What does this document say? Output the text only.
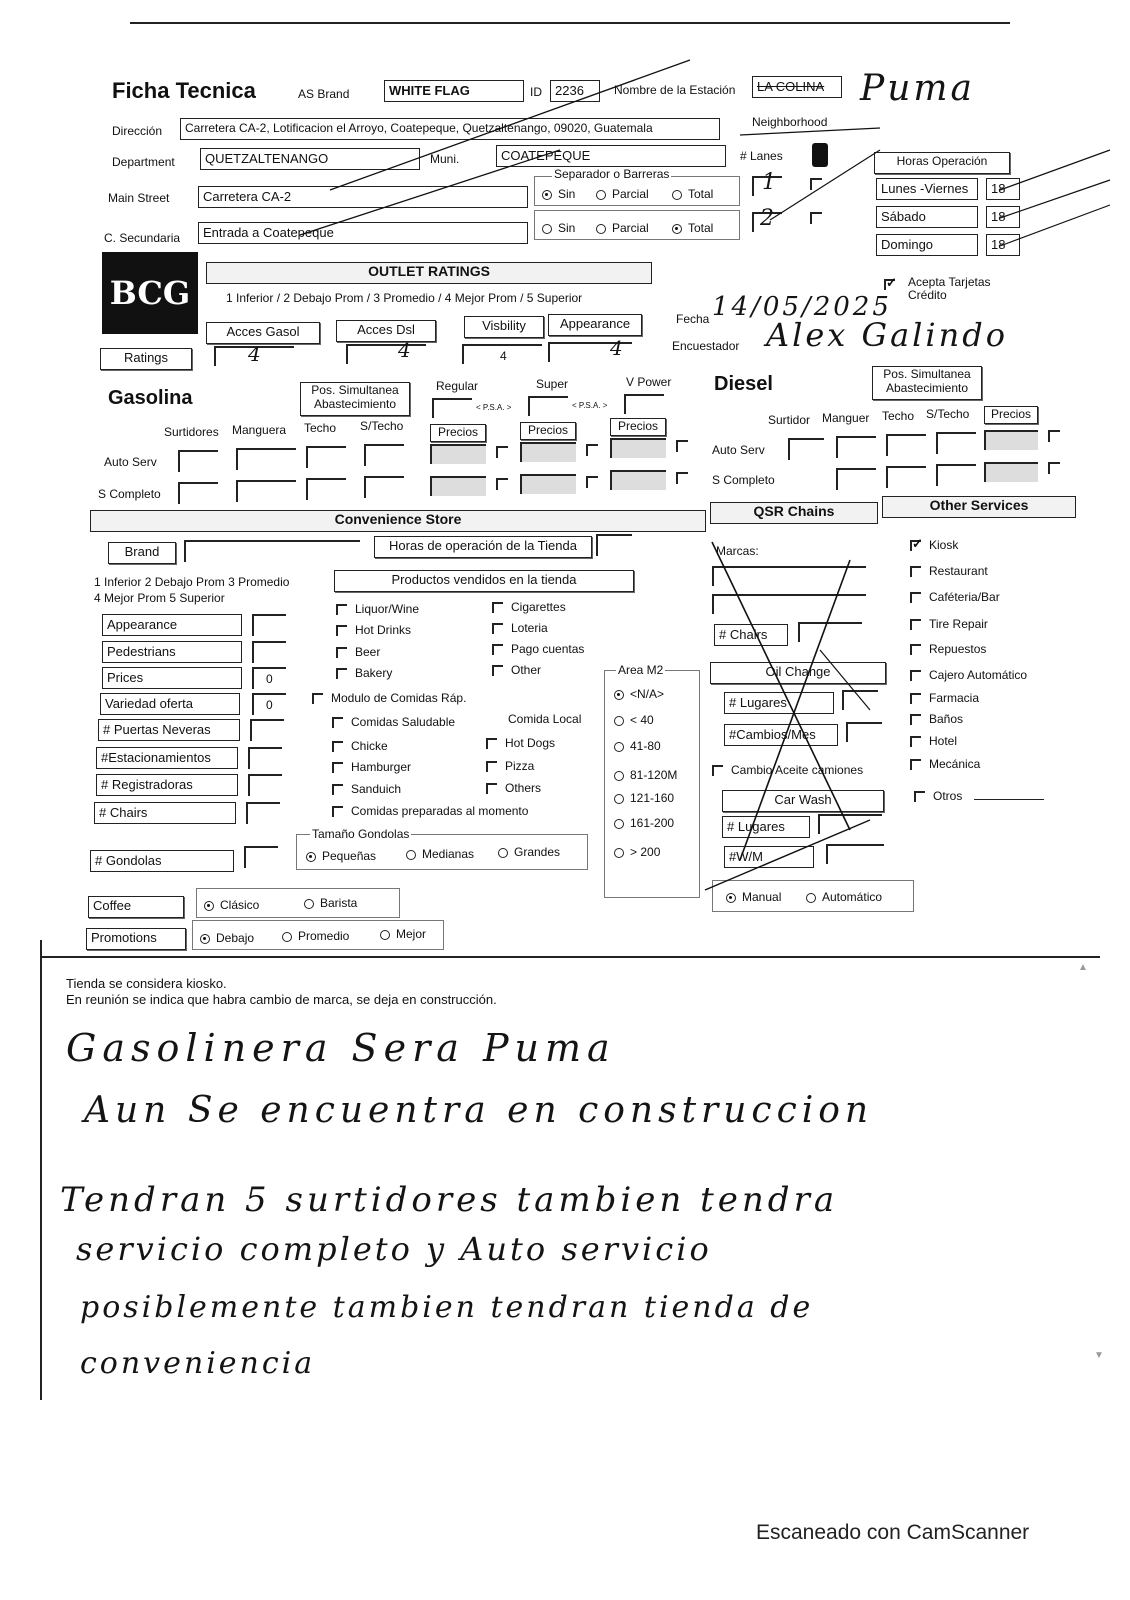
Ficha Tecnica	AS Brand	WHITE FLAG	ID	2236	Nombre de la Estación	LA COLINA Puma
Dirección	Carretera CA-2, Lotificacion el Arroyo, Coatepeque, Quetzaltenango, 09020, Guatemala	Neighborhood
Department	QUETZALTENANGO	Muni.	COATEPEQUE	# Lanes
Main Street	Carretera CA-2
C. Secundaria	Entrada a Coatepeque
Separador o Barreras
Sin	Parcial	Total
Sin	Parcial	Total
1
2
Horas Operación
Lunes -Viernes	18
Sábado	18
Domingo	18
BCG
OUTLET RATINGS
1 Inferior / 2 Debajo Prom / 3 Promedio / 4 Mejor Prom / 5 Superior
Acces Gasol	Acces Dsl	Visbility	Appearance
Ratings	4	4	4	4
Fecha 14/05/2025
Encuestador Alex Galindo
✓
Acepta Tarjetas Crédito
Gasolina	Pos. Simultanea Abastecimiento
Regular	Super	V Power
< P.S.A. >	< P.S.A. >
Surtidores Manguera Techo S/Techo	Precios	Precios	Precios
Auto Serv
S Completo
Diesel	Pos. Simultanea Abastecimiento
Surtidor Manguer Techo S/Techo	Precios
Auto Serv
S Completo
Convenience Store	QSR Chains	Other Services
Brand	Horas de operación de la Tienda
1 Inferior 2 Debajo Prom 3 Promedio
4 Mejor Prom 5 Superior
Productos vendidos en la tienda
Appearance
Pedestrians
Prices	0
Variedad oferta	0
# Puertas Neveras
#Estacionamientos
# Registradoras
# Chairs
# Gondolas
Liquor/Wine
Hot Drinks
Beer
Bakery
Cigarettes
Loteria
Pago cuentas
Other
Modulo de Comidas Ráp.
Comida Local
Comidas Saludable
Chicke
Hamburger
Sanduich
Hot Dogs
Pizza
Others
Comidas preparadas al momento
Tamaño Gondolas
Pequeñas	Medianas	Grandes
Area M2
<N/A>
< 40
41-80
81-120M
121-160
161-200
> 200
Coffee	Clásico	Barista
Promotions	Debajo	Promedio	Mejor
Marcas:
# Chairs
Oil Change
# Lugares
#Cambios/Mes
Cambio Aceite camiones
Car Wash
# Lugares
#W/M
Manual	Automático
✓Kiosk
Restaurant
Caféteria/Bar
Tire Repair
Repuestos
Cajero Automático
Farmacia
Baños
Hotel
Mecánica
Otros
▲
▼
Tienda se considera kiosko.
En reunión se indica que habra cambio de marca, se deja en construcción.
Gasolinera Sera Puma
Aun Se encuentra en construccion
Tendran 5 surtidores tambien tendra
servicio completo y Auto servicio
posiblemente tambien tendran tienda de
conveniencia
Escaneado con CamScanner
